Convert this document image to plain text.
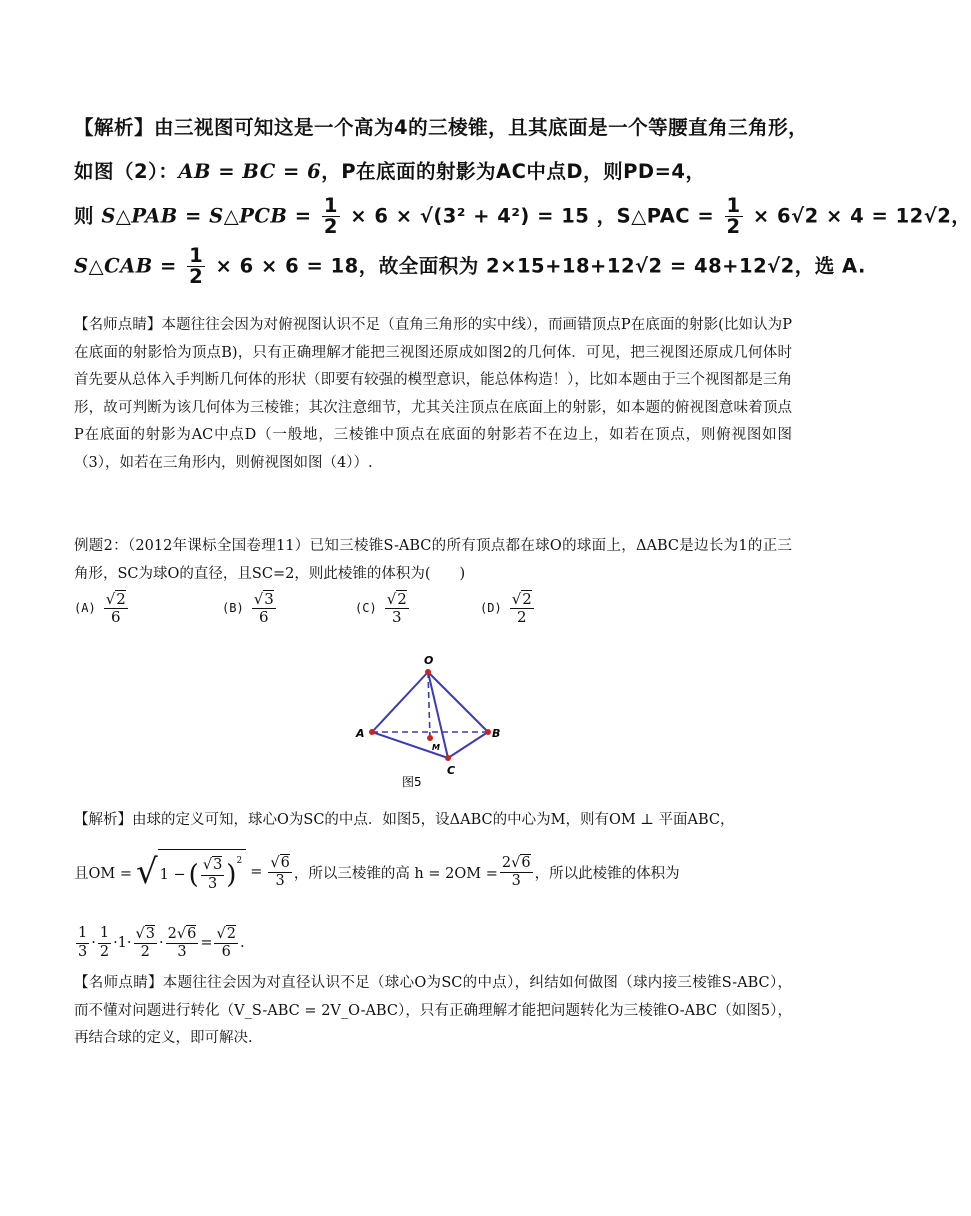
【解析】由三视图可知这是一个高为4的三棱锥，且其底面是一个等腰直角三角形，
如图（2）：AB = BC = 6，P在底面的射影为AC中点D，则PD=4，
则 S△PAB = S△PCB = $\frac{1}{2} \times 6 \times √(3^2 + 4^2) = 15$ ，S△PAC = $\frac{1}{2} \times 6√2 \times 4 = 12√2$，
S△CAB = $\frac{1}{2} \times 6 \times 6 = 18$，故全面积为 2×15+18+12√2 = 48+12√2，选 A.
【名师点睛】本题往往会因为对俯视图认识不足（直角三角形的实中线），而画错顶点P在底面的射影(比如认为P在底面的射影恰为顶点B)，只有正确理解才能把三视图还原成如图2的几何体．可见，把三视图还原成几何体时首先要从总体入手判断几何体的形状（即要有较强的模型意识，能总体构造！），比如本题由于三个视图都是三角形，故可判断为该几何体为三棱锥；其次注意细节，尤其关注顶点在底面上的射影，如本题的俯视图意味着顶点P在底面的射影为AC中点D（一般地，三棱锥中顶点在底面的射影若不在边上，如若在顶点，则俯视图如图（3），如若在三角形内，则俯视图如图（4））.
例题2：（2012年课标全国卷理11）已知三棱锥S-ABC的所有顶点都在球O的球面上，ΔABC是边长为1的正三角形，SC为球O的直径，且SC=2，则此棱锥的体积为(　　)
(A)
√2
6	(B)
√3
6	(C)
√2
3	(D)
√2
2
O
A	B
C
M
图5
【解析】由球的定义可知，球心O为SC的中点．如图5，设ΔABC的中心为M，则有OM ⊥ 平面ABC，
且OM = √ 1 − ( √3
3 )$^2$
= $\frac{√6}{3}$ ，所以三棱锥的高 $h = 2OM = \frac{2√6}{3}$ ，所以此棱锥的体积为
1
3
·
1
2
·1·
√3
2
·
2√6
3
=
√2
6
.
【名师点睛】本题往往会因为对直径认识不足（球心O为SC的中点），纠结如何做图（球内接三棱锥S-ABC），而不懂对问题进行转化（V_S-ABC = 2V_O-ABC），只有正确理解才能把问题转化为三棱锥O-ABC（如图5），再结合球的定义，即可解决.
